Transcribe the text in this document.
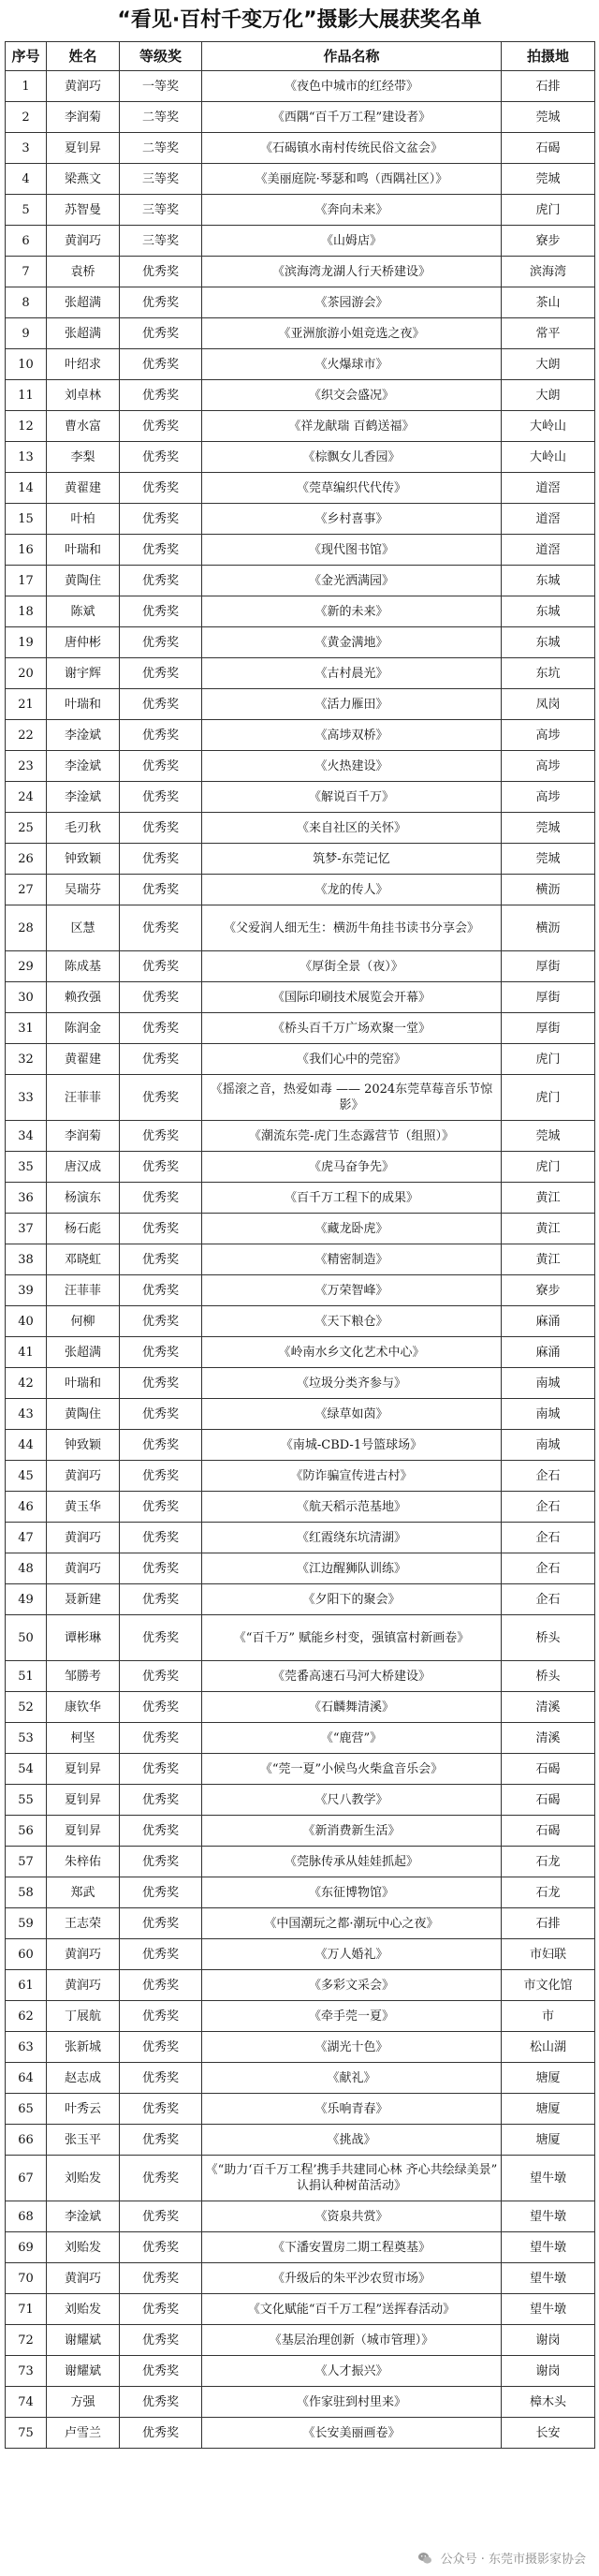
“看见·百村千变万化”摄影大展获奖名单
序号	姓名	等级奖	作品名称	拍摄地
1	黄润巧	一等奖	《夜色中城市的红经带》	石排
2	李润菊	二等奖	《西隅“百千万工程”建设者》	莞城
3	夏钊昇	二等奖	《石碣镇水南村传统民俗文盆会》	石碣
4	梁燕文	三等奖	《美丽庭院·琴瑟和鸣（西隅社区）》	莞城
5	苏智曼	三等奖	《奔向未来》	虎门
6	黄润巧	三等奖	《山姆店》	寮步
7	袁桥	优秀奖	《滨海湾龙湖人行天桥建设》	滨海湾
8	张超满	优秀奖	《茶园游会》	茶山
9	张超满	优秀奖	《亚洲旅游小姐竞选之夜》	常平
10	叶绍求	优秀奖	《火爆球市》	大朗
11	刘卓林	优秀奖	《织交会盛况》	大朗
12	曹水富	优秀奖	《祥龙献瑞 百鹤送福》	大岭山
13	李梨	优秀奖	《棕飘女儿香园》	大岭山
14	黄翟建	优秀奖	《莞草编织代代传》	道滘
15	叶柏	优秀奖	《乡村喜事》	道滘
16	叶瑞和	优秀奖	《现代图书馆》	道滘
17	黄陶住	优秀奖	《金光洒满园》	东城
18	陈斌	优秀奖	《新的未来》	东城
19	唐仲彬	优秀奖	《黄金满地》	东城
20	谢宇辉	优秀奖	《古村晨光》	东坑
21	叶瑞和	优秀奖	《活力雁田》	凤岗
22	李淦斌	优秀奖	《高埗双桥》	高埗
23	李淦斌	优秀奖	《火热建设》	高埗
24	李淦斌	优秀奖	《解说百千万》	高埗
25	毛刃秋	优秀奖	《来自社区的关怀》	莞城
26	钟致颖	优秀奖	筑梦-东莞记忆	莞城
27	吴瑞芬	优秀奖	《龙的传人》	横沥
28	区慧	优秀奖	《父爱润人细无生：横沥牛角挂书读书分享会》	横沥
29	陈成基	优秀奖	《厚街全景（夜）》	厚街
30	赖孜强	优秀奖	《国际印刷技术展览会开幕》	厚街
31	陈润金	优秀奖	《桥头百千万广场欢聚一堂》	厚街
32	黄翟建	优秀奖	《我们心中的莞窑》	虎门
33	汪菲菲	优秀奖	《摇滚之音，热爱如毒 —— 2024东莞草莓音乐节惊影》	虎门
34	李润菊	优秀奖	《潮流东莞-虎门生态露营节（组照）》	莞城
35	唐汉成	优秀奖	《虎马奋争先》	虎门
36	杨演东	优秀奖	《百千万工程下的成果》	黄江
37	杨石彪	优秀奖	《藏龙卧虎》	黄江
38	邓晓虹	优秀奖	《精密制造》	黄江
39	汪菲菲	优秀奖	《万荣智峰》	寮步
40	何柳	优秀奖	《天下粮仓》	麻涌
41	张超满	优秀奖	《岭南水乡文化艺术中心》	麻涌
42	叶瑞和	优秀奖	《垃圾分类齐参与》	南城
43	黄陶住	优秀奖	《绿草如茵》	南城
44	钟致颖	优秀奖	《南城-CBD-1号篮球场》	南城
45	黄润巧	优秀奖	《防诈骗宣传进古村》	企石
46	黄玉华	优秀奖	《航天稻示范基地》	企石
47	黄润巧	优秀奖	《红霞绕东坑清湖》	企石
48	黄润巧	优秀奖	《江边醒狮队训练》	企石
49	聂新建	优秀奖	《夕阳下的聚会》	企石
50	谭彬琳	优秀奖	《“百千万” 赋能乡村变，强镇富村新画卷》	桥头
51	邹勝考	优秀奖	《莞番高速石马河大桥建设》	桥头
52	康钦华	优秀奖	《石麟舞清溪》	清溪
53	柯坚	优秀奖	《“鹿营”》	清溪
54	夏钊昇	优秀奖	《“莞一夏”小候鸟火柴盒音乐会》	石碣
55	夏钊昇	优秀奖	《尺八教学》	石碣
56	夏钊昇	优秀奖	《新消费新生活》	石碣
57	朱梓佑	优秀奖	《莞脉传承从娃娃抓起》	石龙
58	郑武	优秀奖	《东征博物馆》	石龙
59	王志荣	优秀奖	《中国潮玩之都·潮玩中心之夜》	石排
60	黄润巧	优秀奖	《万人婚礼》	市妇联
61	黄润巧	优秀奖	《多彩文采会》	市文化馆
62	丁展航	优秀奖	《牵手莞一夏》	市
63	张新城	优秀奖	《湖光十色》	松山湖
64	赵志成	优秀奖	《献礼》	塘厦
65	叶秀云	优秀奖	《乐响青春》	塘厦
66	张玉平	优秀奖	《挑战》	塘厦
67	刘贻发	优秀奖	《“助力‘百千万工程’携手共建同心林 齐心共绘绿美景” 认捐认种树苗活动》	望牛墩
68	李淦斌	优秀奖	《资泉共赏》	望牛墩
69	刘贻发	优秀奖	《下潘安置房二期工程奠基》	望牛墩
70	黄润巧	优秀奖	《升级后的朱平沙农贸市场》	望牛墩
71	刘贻发	优秀奖	《文化赋能“百千万工程”送挥春活动》	望牛墩
72	谢耀斌	优秀奖	《基层治理创新（城市管理）》	谢岗
73	谢耀斌	优秀奖	《人才振兴》	谢岗
74	方强	优秀奖	《作家驻到村里来》	樟木头
75	卢雪兰	优秀奖	《长安美丽画卷》	长安
公众号 · 东莞市摄影家协会
